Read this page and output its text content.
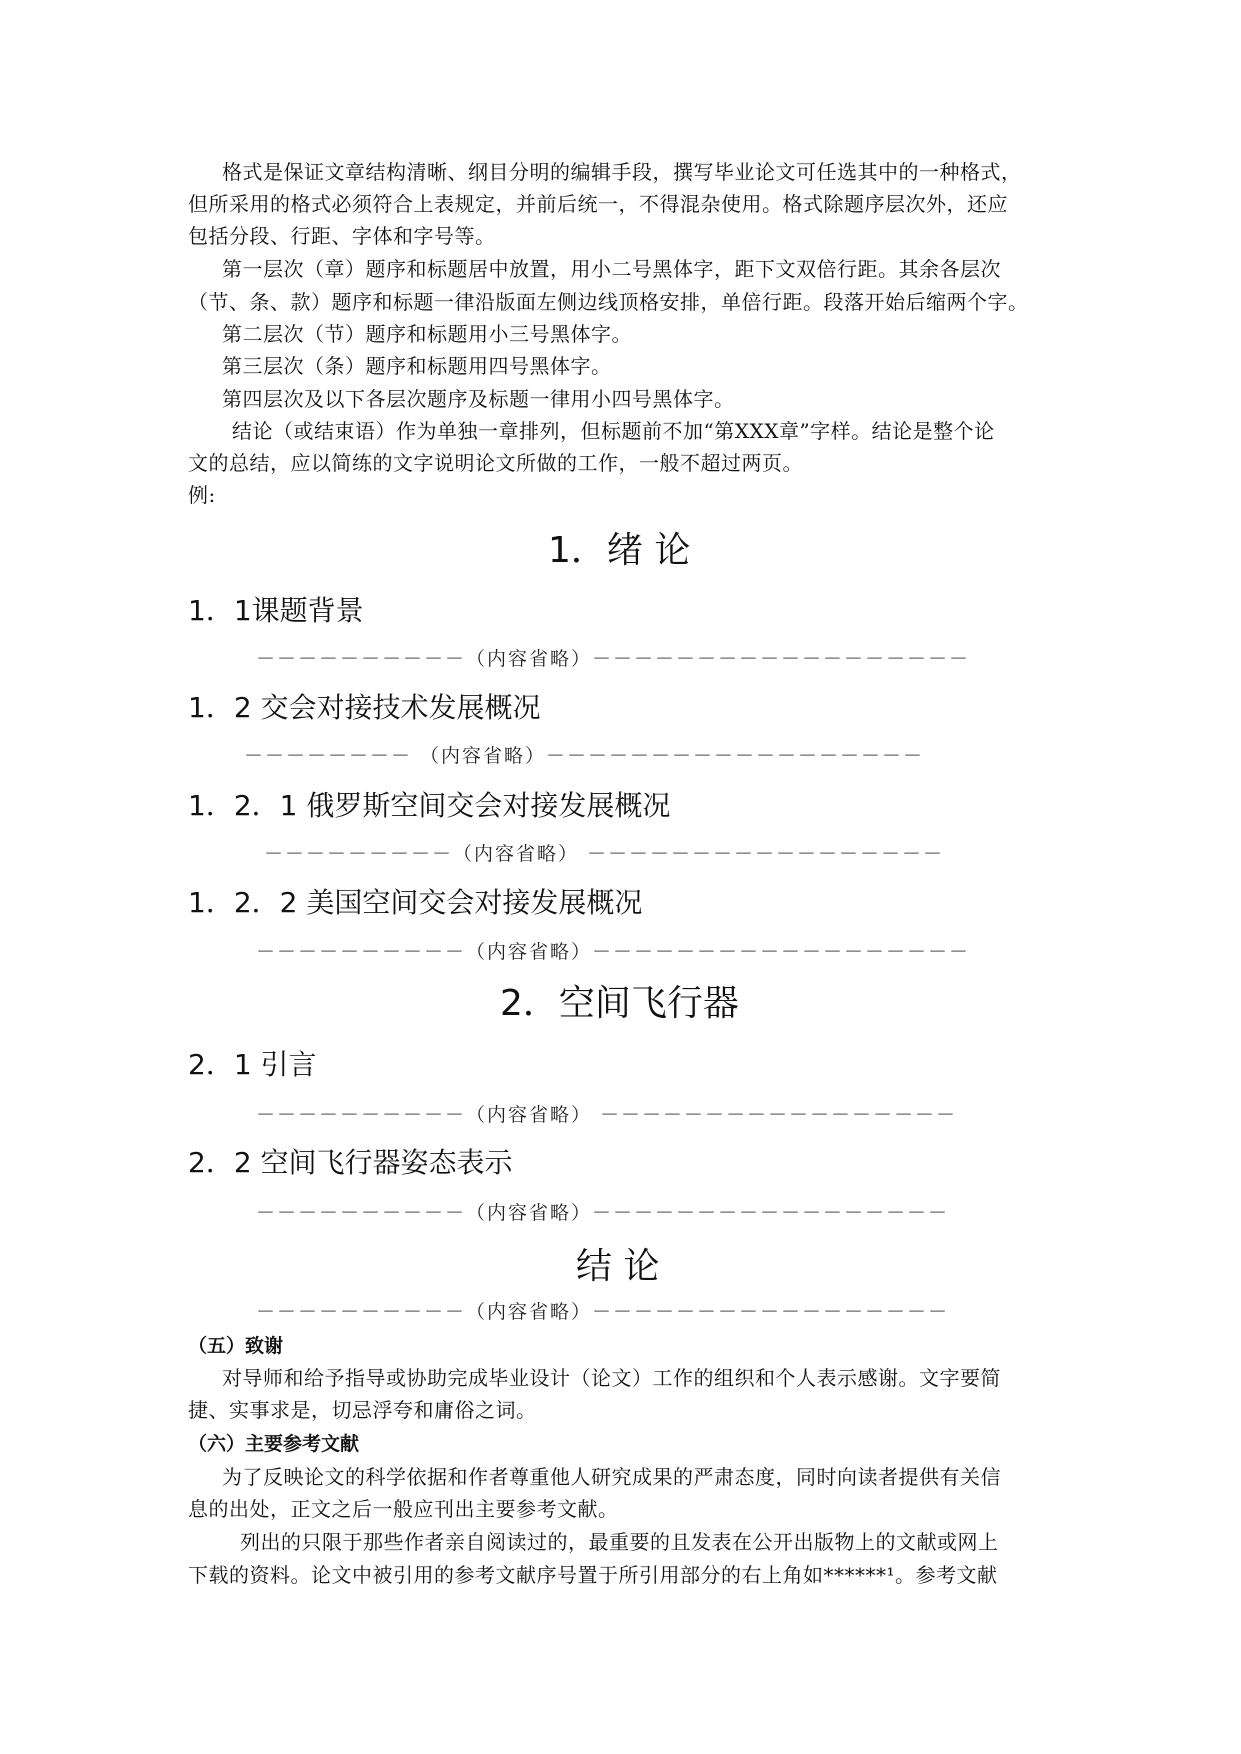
格式是保证文章结构清晰、纲目分明的编辑手段，撰写毕业论文可任选其中的一种格式，
但所采用的格式必须符合上表规定，并前后统一，不得混杂使用。格式除题序层次外，还应
包括分段、行距、字体和字号等。
第一层次（章）题序和标题居中放置，用小二号黑体字，距下文双倍行距。其余各层次
（节、条、款）题序和标题一律沿版面左侧边线顶格安排，单倍行距。段落开始后缩两个字。
第二层次（节）题序和标题用小三号黑体字。
第三层次（条）题序和标题用四号黑体字。
第四层次及以下各层次题序及标题一律用小四号黑体字。
结论（或结束语）作为单独一章排列，但标题前不加“第XXX章”字样。结论是整个论
文的总结，应以简练的文字说明论文所做的工作，一般不超过两页。
例:
1．绪 论
1．1课题背景
－－－－－－－－－－（内容省略）－－－－－－－－－－－－－－－－－－
1．2 交会对接技术发展概况
－－－－－－－－ （内容省略）－－－－－－－－－－－－－－－－－－
1．2．1 俄罗斯空间交会对接发展概况
－－－－－－－－－（内容省略） －－－－－－－－－－－－－－－－－
1．2．2 美国空间交会对接发展概况
－－－－－－－－－－（内容省略）－－－－－－－－－－－－－－－－－－
2．空间飞行器
2．1 引言
－－－－－－－－－－（内容省略） －－－－－－－－－－－－－－－－－
2．2 空间飞行器姿态表示
－－－－－－－－－－（内容省略）－－－－－－－－－－－－－－－－－
结 论
－－－－－－－－－－（内容省略）－－－－－－－－－－－－－－－－－
（五）致谢
对导师和给予指导或协助完成毕业设计（论文）工作的组织和个人表示感谢。文字要简
捷、实事求是，切忌浮夸和庸俗之词。
（六）主要参考文献
为了反映论文的科学依据和作者尊重他人研究成果的严肃态度，同时向读者提供有关信
息的出处，正文之后一般应刊出主要参考文献。
列出的只限于那些作者亲自阅读过的，最重要的且发表在公开出版物上的文献或网上
下载的资料。论文中被引用的参考文献序号置于所引用部分的右上角如******¹。参考文献
